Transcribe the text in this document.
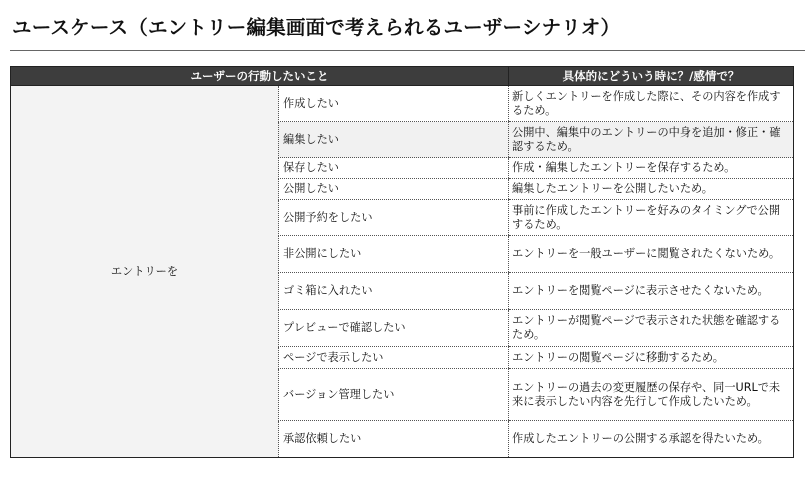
ユースケース（エントリー編集画面で考えられるユーザーシナリオ）
ユーザーの行動したいこと		具体的にどういう時に？/感情で？
エントリーを	作成したい	新しくエントリーを作成した際に、その内容を作成するため。
	編集したい	公開中、編集中のエントリーの中身を追加・修正・確認するため。
	保存したい	作成・編集したエントリーを保存するため。
	公開したい	編集したエントリーを公開したいため。
	公開予約をしたい	事前に作成したエントリーを好みのタイミングで公開するため。
	非公開にしたい	エントリーを一般ユーザーに閲覧されたくないため。
	ゴミ箱に入れたい	エントリーを閲覧ページに表示させたくないため。
	プレビューで確認したい	エントリーが閲覧ページで表示された状態を確認するため。
	ページで表示したい	エントリーの閲覧ページに移動するため。
	バージョン管理したい	エントリーの過去の変更履歴の保存や、同一URLで未来に表示したい内容を先行して作成したいため。
	承認依頼したい	作成したエントリーの公開する承認を得たいため。
